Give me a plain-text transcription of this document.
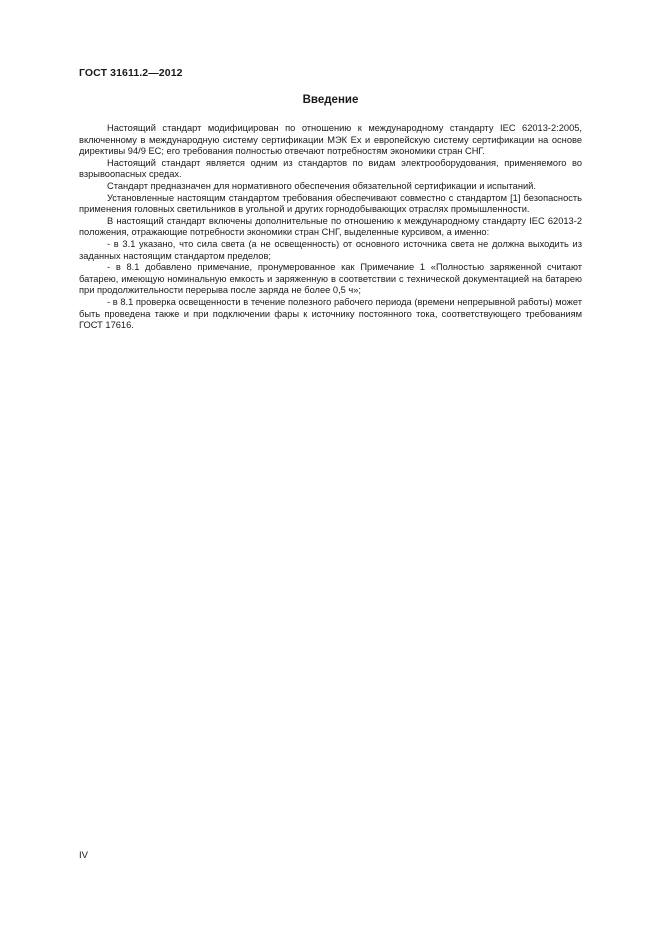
ГОСТ 31611.2—2012
Введение

Настоящий стандарт модифицирован по отношению к международному стандарту IEC 62013-2:2005, включенному в международную систему сертификации МЭК Ex и европейскую систему сертификации на основе директивы 94/9 ЕС; его требования полностью отвечают потребностям экономики стран СНГ.

Настоящий стандарт является одним из стандартов по видам электрооборудования, применяемого во взрывоопасных средах.

Стандарт предназначен для нормативного обеспечения обязательной сертификации и испытаний.

Установленные настоящим стандартом требования обеспечивают совместно с стандартом [1] безопасность применения головных светильников в угольной и других горнодобывающих отраслях промышленности.

В настоящий стандарт включены дополнительные по отношению к международному стандарту IEC 62013-2 положения, отражающие потребности экономики стран СНГ, выделенные курсивом, а именно:

- в 3.1 указано, что сила света (а не освещенность) от основного источника света не должна выходить из заданных настоящим стандартом пределов;

- в 8.1 добавлено примечание, пронумерованное как Примечание 1 «Полностью заряженной считают батарею, имеющую номинальную емкость и заряженную в соответствии с технической документацией на батарею при продолжительности перерыва после заряда не более 0,5 ч»;

- в 8.1 проверка освещенности в течение полезного рабочего периода (времени непрерывной работы) может быть проведена также и при подключении фары к источнику постоянного тока, соответствующего требованиям ГОСТ 17616.

IV
